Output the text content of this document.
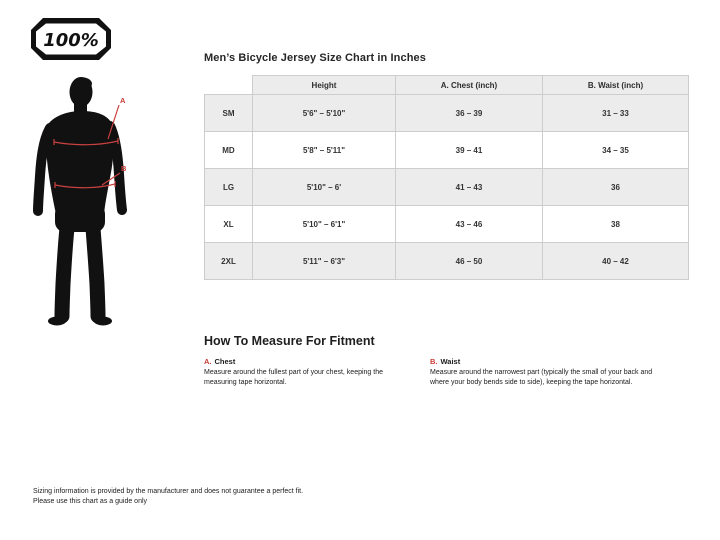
100%
A
B
Men’s Bicycle Jersey Size Chart in Inches
	Height	A. Chest (inch)	B. Waist (inch)
SM	5'6" – 5'10"	36 – 39	31 – 33
MD	5'8" – 5'11"	39 – 41	34 – 35
LG	5'10" – 6'	41 – 43	36
XL	5'10" – 6'1"	43 – 46	38
2XL	5'11" – 6'3"	46 – 50	40 – 42
How To Measure For Fitment
A. Chest
Measure around the fullest part of your chest, keeping the measuring tape horizontal.
B. Waist
Measure around the narrowest part (typically the small of your back and where your body bends side to side), keeping the tape horizontal.
Sizing information is provided by the manufacturer and does not guarantee a perfect fit.
Please use this chart as a guide only
